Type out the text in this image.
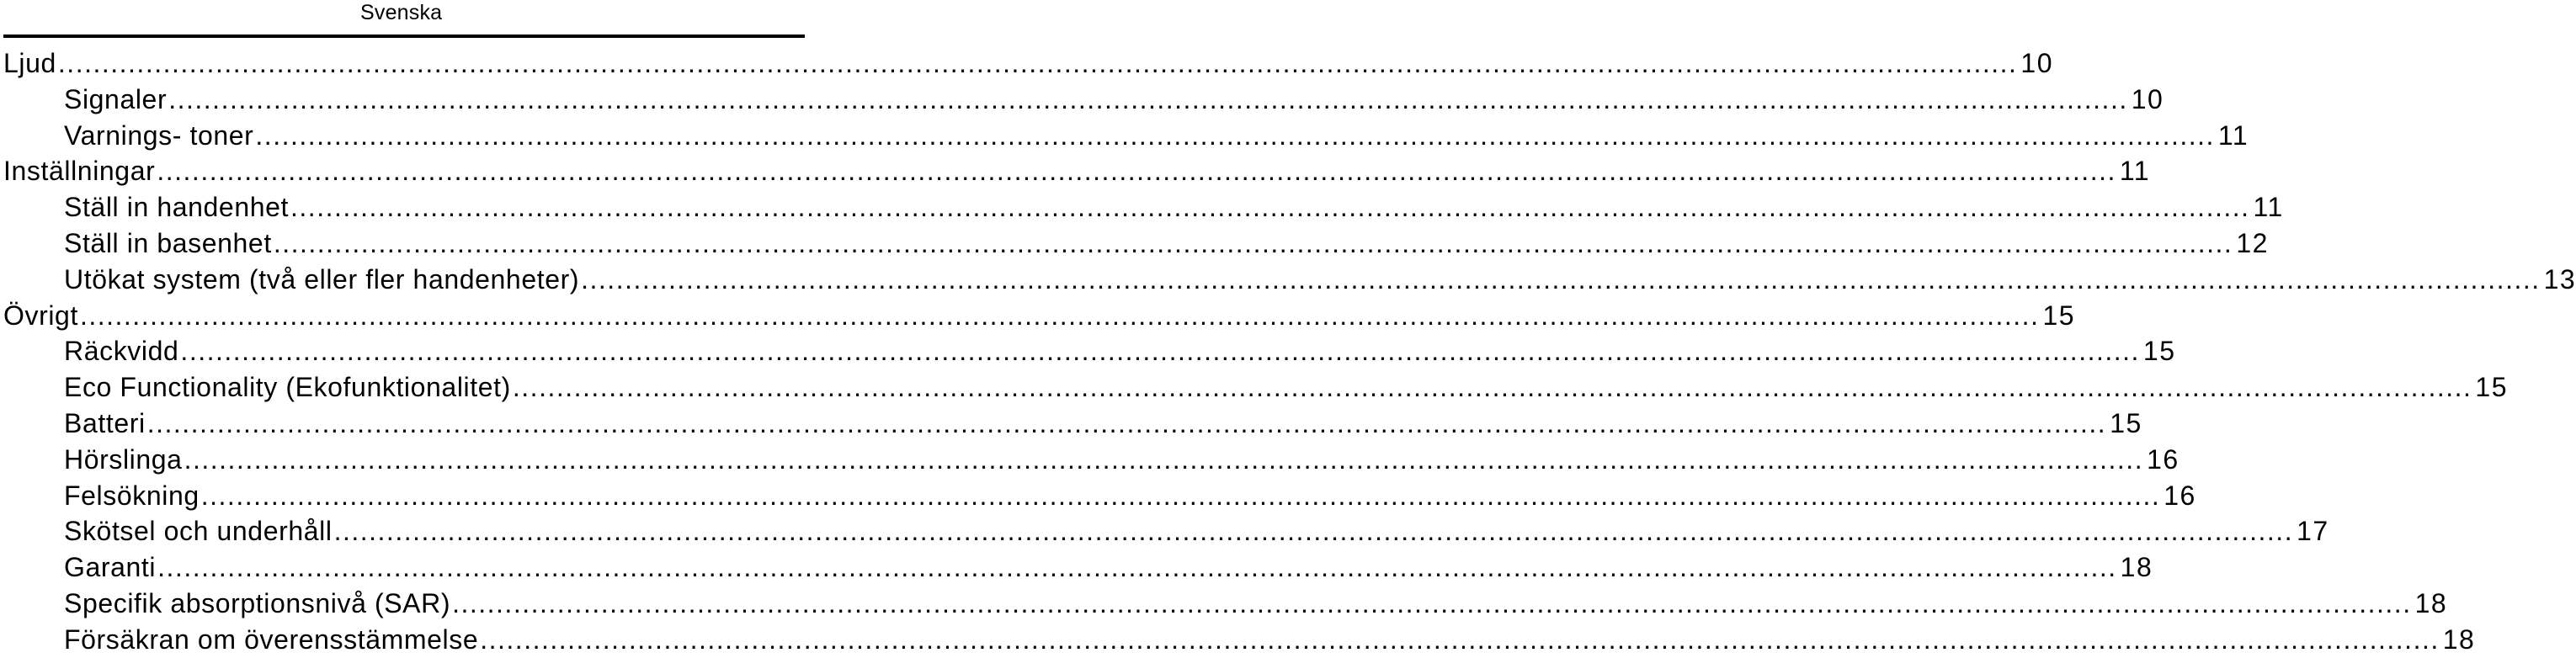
Svenska
Ljud .....	10
Signaler .....	10
Varnings- toner .....	11
Inställningar .....	11
Ställ in handenhet .....	11
Ställ in basenhet .....	12
Utökat system (två eller fler handenheter) .....	13
Övrigt .....	15
Räckvidd .....	15
Eco Functionality (Ekofunktionalitet) .....	15
Batteri .....	15
Hörslinga .....	16
Felsökning .....	16
Skötsel och underhåll .....	17
Garanti .....	18
Specifik absorptionsnivå (SAR) .....	18
Försäkran om överensstämmelse .....	18
